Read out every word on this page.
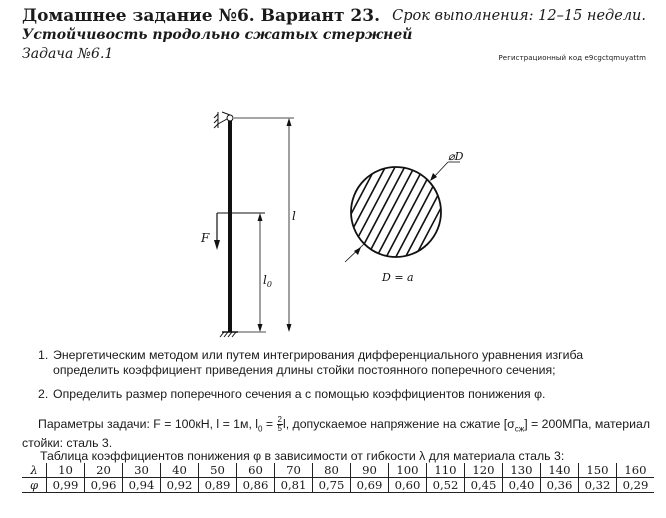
Домашнее задание №6. Вариант 23.
Устойчивость продольно сжатых стержней
Задача №6.1
Срок выполнения: 12–15 недели.
Регистрационный код e9cgctqmuyattm
F
$l_0$
l
⌀D
D = a
1. Энергетическим методом или путем интегрирования дифференциального уравнения изгиба определить коэффициент приведения длины стойки постоянного поперечного сечения;
2. Определить размер поперечного сечения a с помощью коэффициентов понижения φ.
Параметры задачи: F = 100кН, l = 1м, $l_0 = \frac{2}{5} l$, допускаемое напряжение на сжатие $[\sigma_{сж}] = 200МПа$, материал стойки: сталь 3.
Таблица коэффициентов понижения φ в зависимости от гибкости λ для материала сталь 3:
λ	10	20	30	40	50	60	70	80	90	100	110	120	130	140	150	160
φ	0,99	0,96	0,94	0,92	0,89	0,86	0,81	0,75	0,69	0,60	0,52	0,45	0,40	0,36	0,32	0,29
